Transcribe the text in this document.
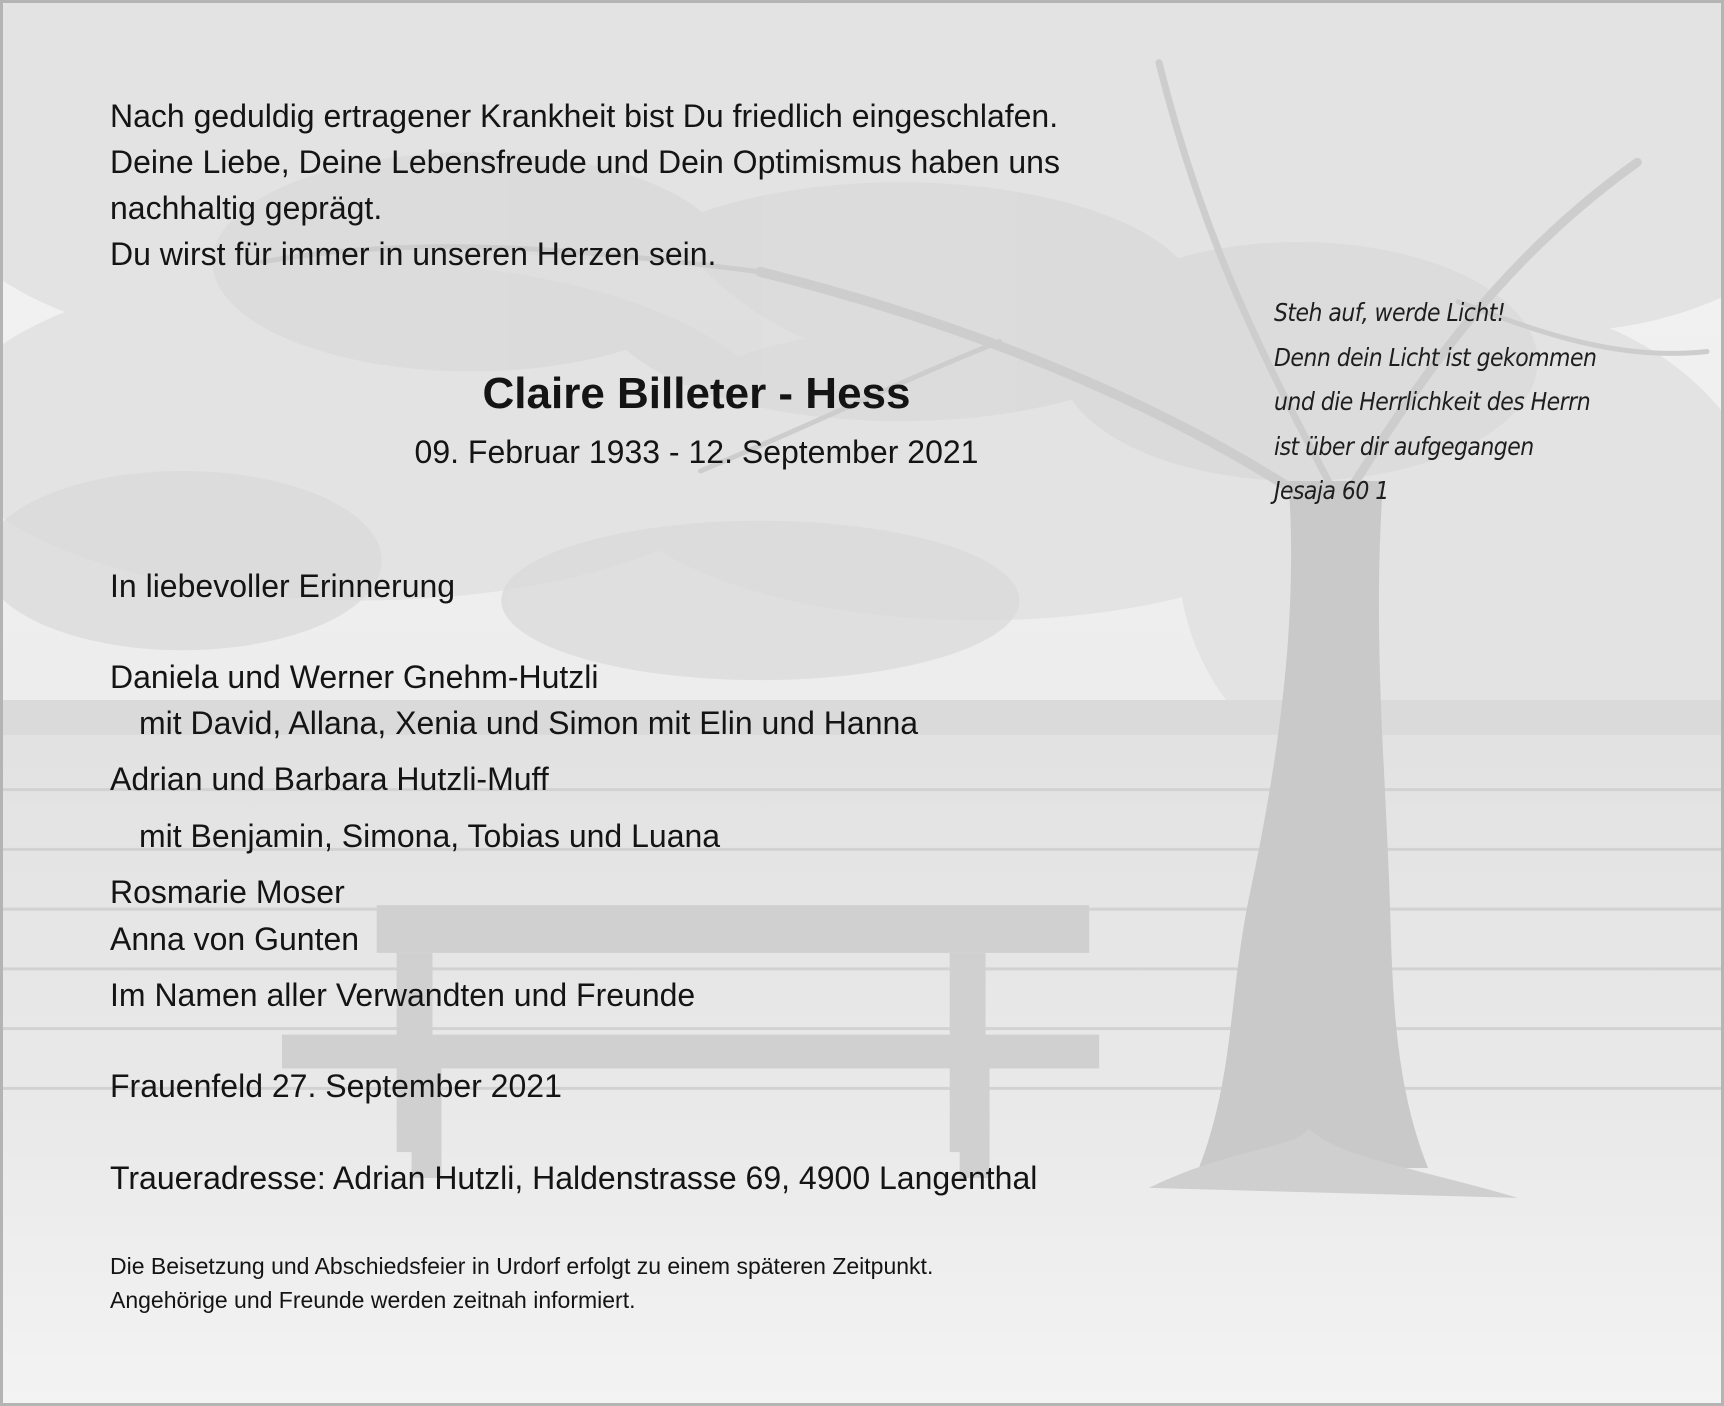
Nach geduldig ertragener Krankheit bist Du friedlich eingeschlafen.
Deine Liebe, Deine Lebensfreude und Dein Optimismus haben uns
nachhaltig geprägt.
Du wirst für immer in unseren Herzen sein.
Steh auf, werde Licht!
Denn dein Licht ist gekommen
und die Herrlichkeit des Herrn
ist über dir aufgegangen
Jesaja 60 1
Claire Billeter - Hess
09. Februar 1933 - 12. September 2021
In liebevoller Erinnerung
Daniela und Werner Gnehm-Hutzli
mit David, Allana, Xenia und Simon mit Elin und Hanna
Adrian und Barbara Hutzli-Muff
mit Benjamin, Simona, Tobias und Luana
Rosmarie Moser
Anna von Gunten
Im Namen aller Verwandten und Freunde
Frauenfeld 27. September 2021
Traueradresse: Adrian Hutzli, Haldenstrasse 69, 4900 Langenthal
Die Beisetzung und Abschiedsfeier in Urdorf erfolgt zu einem späteren Zeitpunkt.
Angehörige und Freunde werden zeitnah informiert.
